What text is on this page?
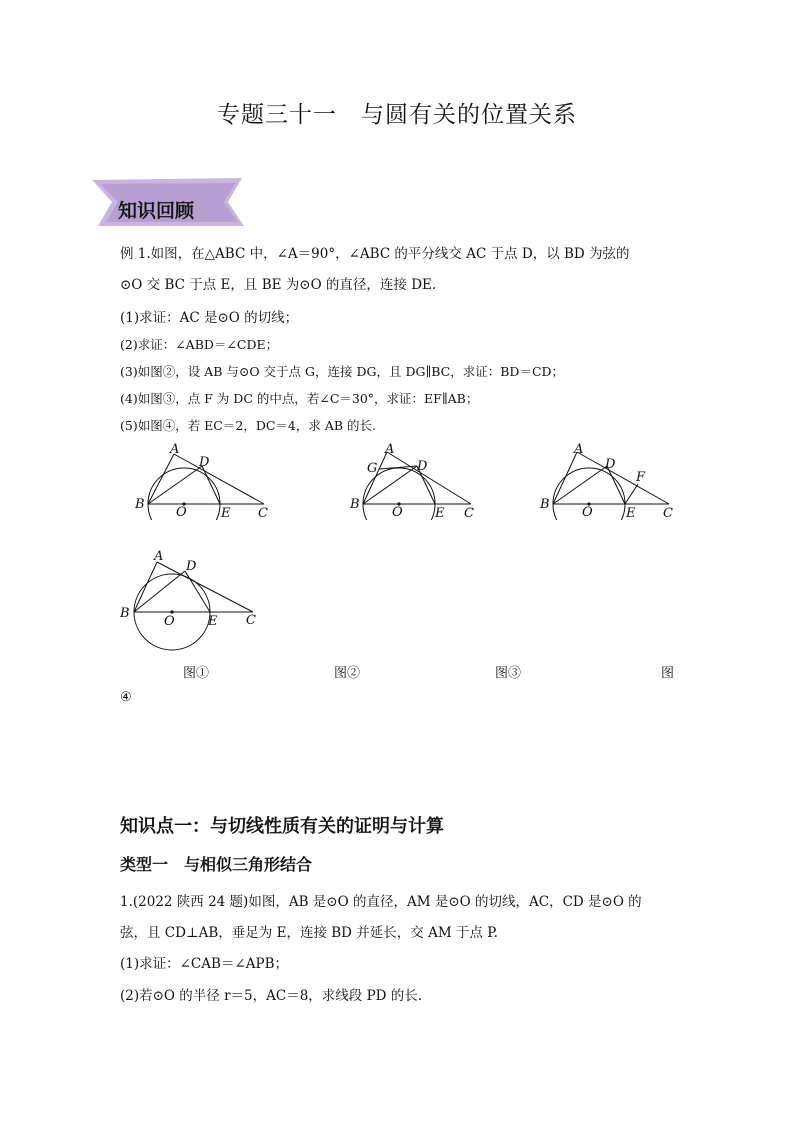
专题三十一　与圆有关的位置关系
知识回顾
例 1.如图，在△ABC 中，∠A＝90°，∠ABC 的平分线交 AC 于点 D，以 BD 为弦的
⊙O 交 BC 于点 E，且 BE 为⊙O 的直径，连接 DE.
(1)求证：AC 是⊙O 的切线；
(2)求证：∠ABD＝∠CDE；
(3)如图②，设 AB 与⊙O 交于点 G，连接 DG，且 DG∥BC，求证：BD＝CD；
(4)如图③，点 F 为 DC 的中点，若∠C＝30°，求证：EF∥AB；
(5)如图④，若 EC＝2，DC＝4，求 AB 的长.
A
D
B
O	E C
A
G	D
B
O E C
A
D
F
B
O	E C
A
D
B
O	E C
图①	图②	图③	图
④
知识点一：与切线性质有关的证明与计算
类型一　与相似三角形结合
1.(2022 陕西 24 题)如图，AB 是⊙O 的直径，AM 是⊙O 的切线，AC，CD 是⊙O 的
弦，且 CD⊥AB，垂足为 E，连接 BD 并延长，交 AM 于点 P.
(1)求证：∠CAB＝∠APB；
(2)若⊙O 的半径 r＝5，AC＝8，求线段 PD 的长.
